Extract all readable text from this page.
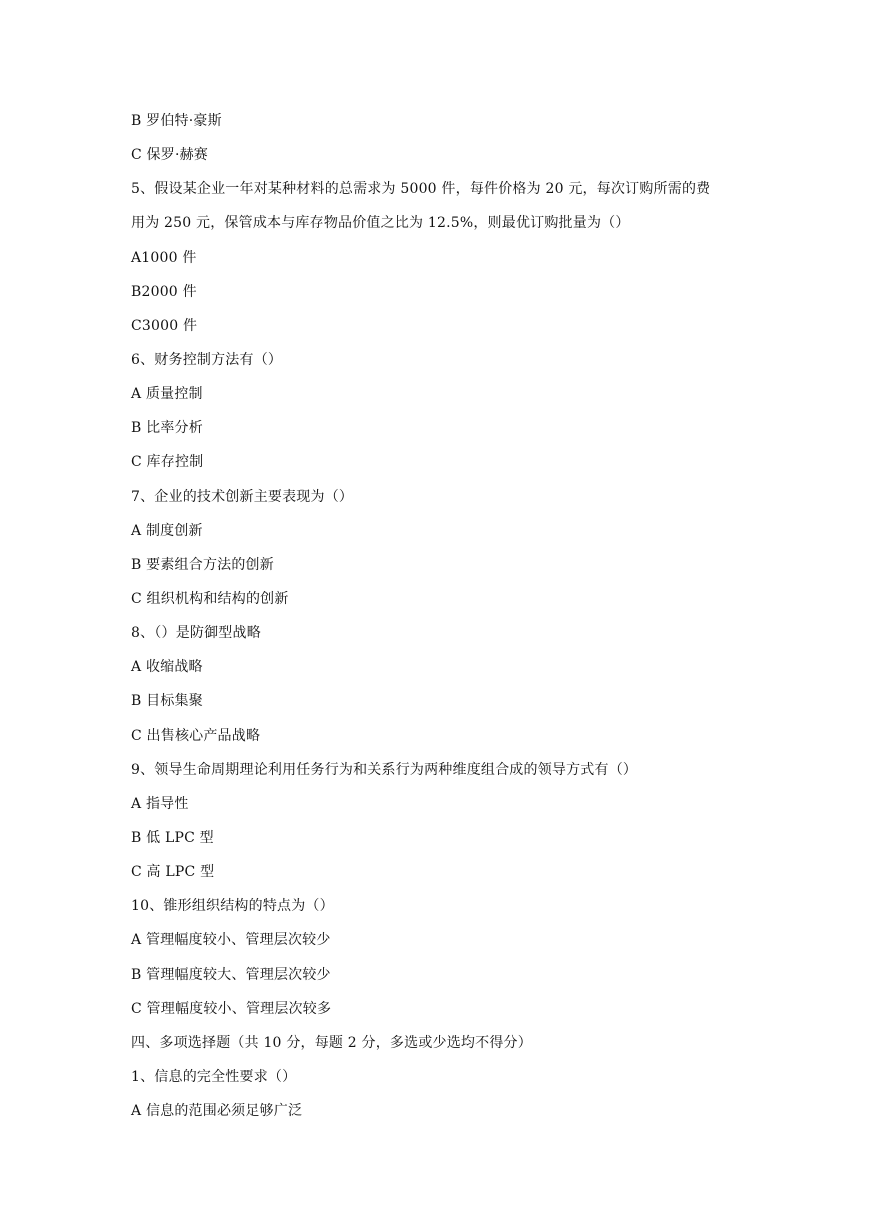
B 罗伯特·豪斯
C 保罗·赫赛
5、假设某企业一年对某种材料的总需求为 5000 件，每件价格为 20 元，每次订购所需的费
用为 250 元，保管成本与库存物品价值之比为 12.5%，则最优订购批量为（）
A1000 件
B2000 件
C3000 件
6、财务控制方法有（）
A 质量控制
B 比率分析
C 库存控制
7、企业的技术创新主要表现为（）
A 制度创新
B 要素组合方法的创新
C 组织机构和结构的创新
8、（）是防御型战略
A 收缩战略
B 目标集聚
C 出售核心产品战略
9、领导生命周期理论利用任务行为和关系行为两种维度组合成的领导方式有（）
A 指导性
B 低 LPC 型
C 高 LPC 型
10、锥形组织结构的特点为（）
A 管理幅度较小、管理层次较少
B 管理幅度较大、管理层次较少
C 管理幅度较小、管理层次较多
四、多项选择题（共 10 分，每题 2 分，多选或少选均不得分）
1、信息的完全性要求（）
A 信息的范围必须足够广泛
